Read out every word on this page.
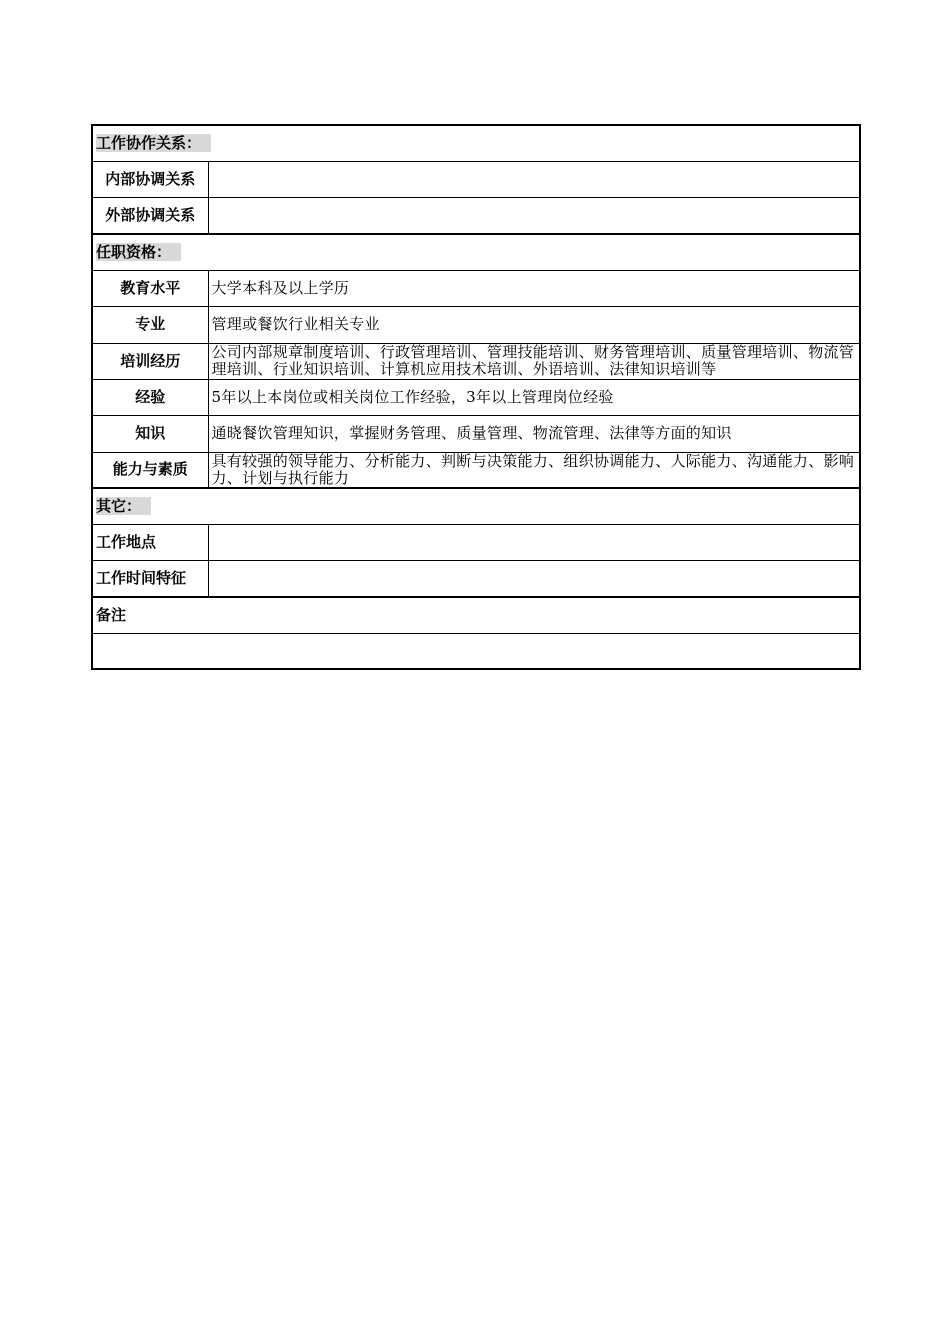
工作协作关系：	
内部协调关系	
外部协调关系	
任职资格：	
教育水平	大学本科及以上学历
专业	管理或餐饮行业相关专业
培训经历	公司内部规章制度培训、行政管理培训、管理技能培训、财务管理培训、质量管理培训、物流管理培训、行业知识培训、计算机应用技术培训、外语培训、法律知识培训等
经验	5年以上本岗位或相关岗位工作经验，3年以上管理岗位经验
知识	通晓餐饮管理知识，掌握财务管理、质量管理、物流管理、法律等方面的知识
能力与素质	具有较强的领导能力、分析能力、判断与决策能力、组织协调能力、人际能力、沟通能力、影响力、计划与执行能力
其它：	
工作地点	
工作时间特征	
备注	
